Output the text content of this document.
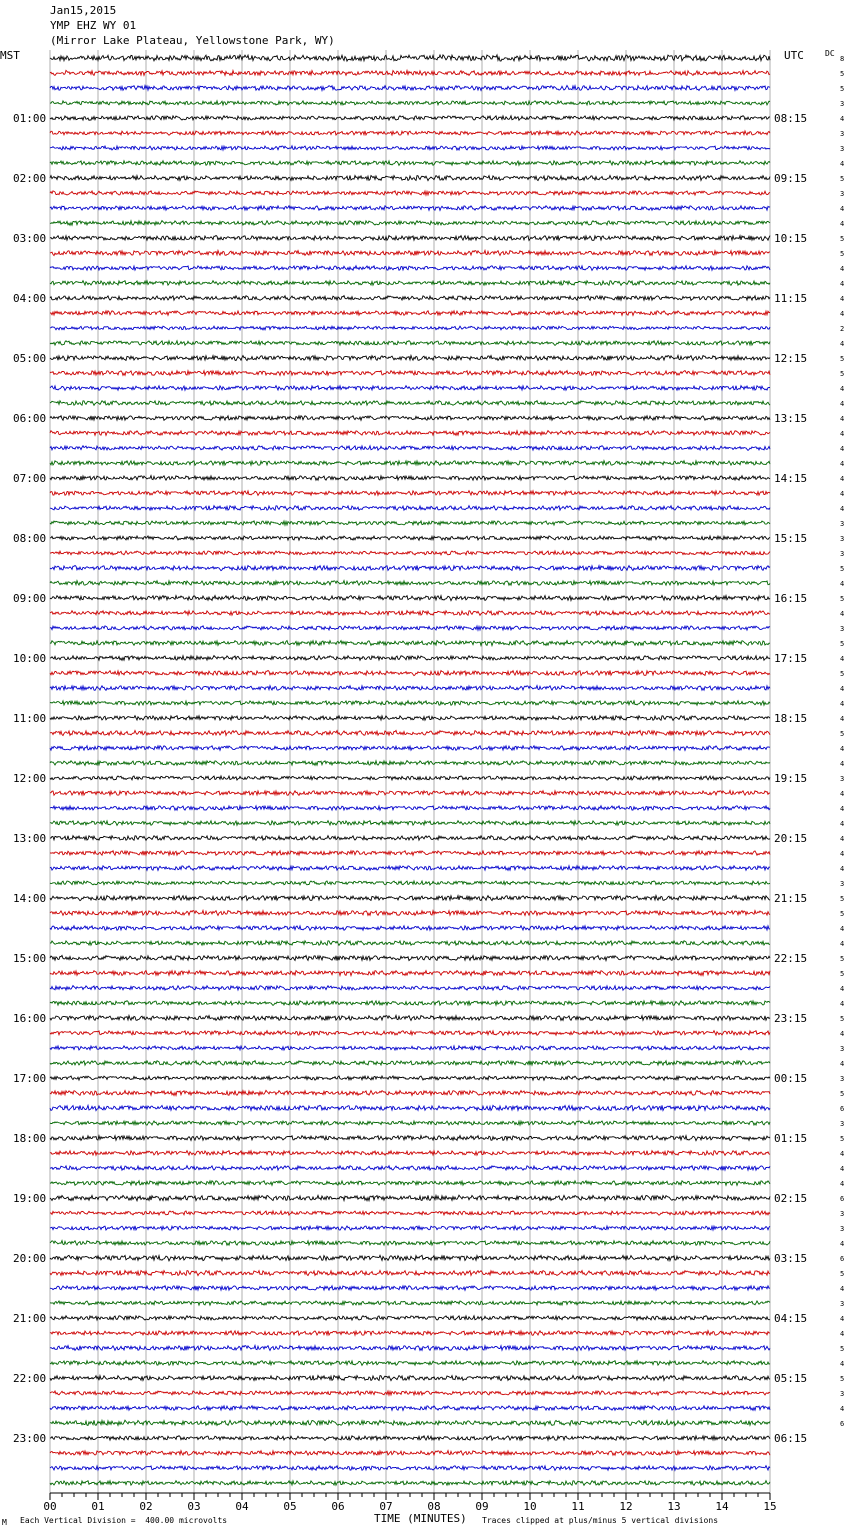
Jan15,2015
YMP EHZ WY 01
(Mirror Lake Plateau, Yellowstone Park, WY)
MST	UTC	DC
01:00
02:00
03:00
04:00
05:00
06:00
07:00
08:00
09:00
10:00
11:00
12:00
13:00
14:00
15:00
16:00
17:00
18:00
19:00
20:00
21:00
22:00
23:00
08:15
09:15
10:15
11:15
12:15
13:15
14:15
15:15
16:15
17:15
18:15
19:15
20:15
21:15
22:15
23:15
00:15
01:15
02:15
03:15
04:15
05:15
06:15
8
5
5
3
4
3
3
4
5
3
4
4
5
5
4
4
4
4
2
4
5
5
4
4
4
4
4
4
4
4
4
3
3
3
5
4
5
4
3
5
4
5
4
4
4
5
4
4
3
4
4
4
4
4
4
3
5
5
4
4
5
5
4
4
5
4
3
4
3
5
6
3
5
4
4
4
6
3
3
4
6
5
4
3
4
4
5
4
5
3
4
6
00	01	02	03	04	05	06	07	08	09	10	11	12	13	14	15
M Each Vertical Division =  400.00 microvolts	TIME (MINUTES) Traces clipped at plus/minus 5 vertical divisions
